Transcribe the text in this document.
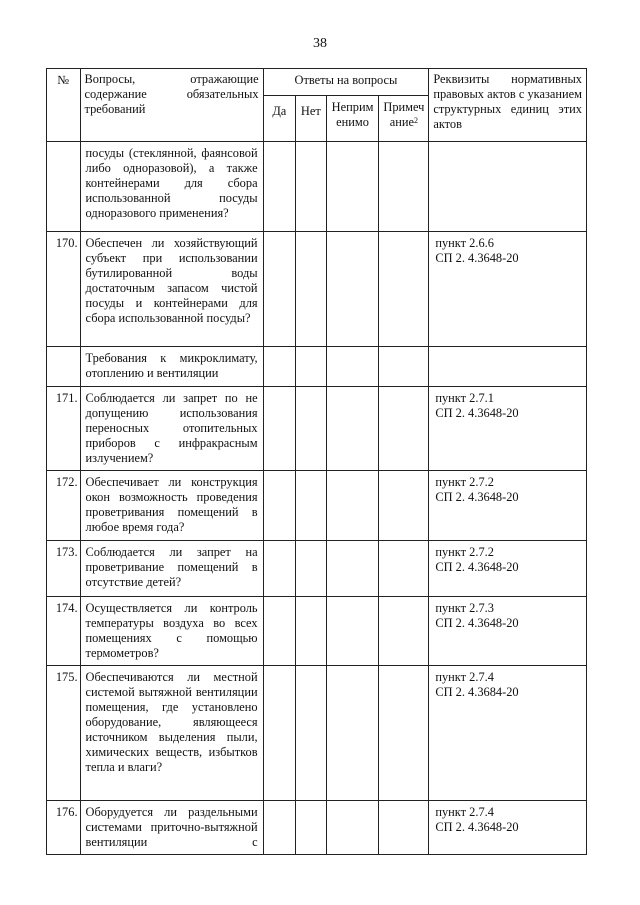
38
№	Вопросы, отражающие содержание обязательных требований	Ответы на вопросы				Реквизиты нормативных правовых актов с указанием структурных единиц этих актов
		Да	Нет	Неприм енимо	Примеч ание$^2$
	посуды (стеклянной, фаянсовой либо одноразовой), а также контейнерами для сбора использованной посуды одноразового применения?					

170.	Обеспечен ли хозяйствующий субъект при использовании бутилированной воды достаточным запасом чистой посуды и контейнерами для сбора использованной посуды?					пункт 2.6.6
СП 2. 4.3648-20

	Требования к микроклимату, отоплению и вентиляции					
171.	Соблюдается ли запрет по не допущению использования переносных отопительных приборов с инфракрасным излучением?					пункт 2.7.1
СП 2. 4.3648-20

172.	Обеспечивает ли конструкция окон возможность проведения проветривания помещений в любое время года?					пункт 2.7.2
СП 2. 4.3648-20

173.	Соблюдается ли запрет на проветривание помещений в отсутствие детей?					пункт 2.7.2
СП 2. 4.3648-20

174.	Осуществляется ли контроль температуры воздуха во всех помещениях с помощью термометров?					пункт 2.7.3
СП 2. 4.3648-20

175.	Обеспечиваются ли местной системой вытяжной вентиляции помещения, где установлено оборудование, являющееся источником выделения пыли, химических веществ, избытков тепла и влаги?					пункт 2.7.4
СП 2. 4.3684-20

176.	Оборудуется ли раздельными системами приточно-вытяжной вентиляции с					пункт 2.7.4
СП 2. 4.3648-20
